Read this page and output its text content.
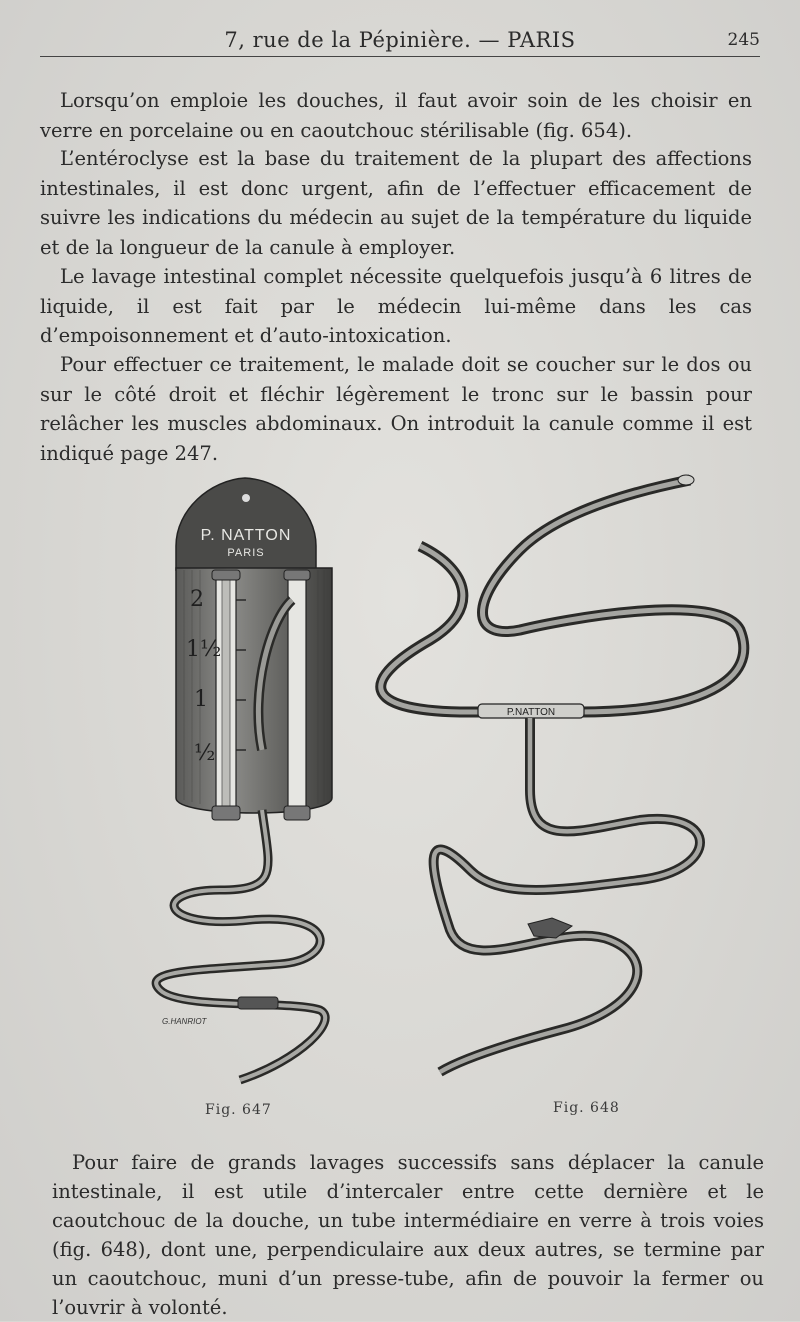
7, rue de la Pépinière. — PARIS	245

Lorsqu’on emploie les douches, il faut avoir soin de les choisir en verre en porcelaine ou en caoutchouc stérilisable (fig. 654).

L’entéroclyse est la base du traitement de la plupart des affections intestinales, il est donc urgent, afin de l’effectuer efficacement de suivre les indications du médecin au sujet de la température du liquide et de la longueur de la canule à employer.

Le lavage intestinal complet nécessite quelquefois jusqu’à 6 litres de liquide, il est fait par le médecin lui-même dans les cas d’empoisonnement et d’auto-intoxication.

Pour effectuer ce traitement, le malade doit se coucher sur le dos ou sur le côté droit et fléchir légèrement le tronc sur le bassin pour relâcher les muscles abdominaux. On introduit la canule comme il est indiqué page 247.

P. NATTON
PARIS
2
1½
1
½
G.HANRIOT
P.NATTON
Fig. 647	Fig. 648

Pour faire de grands lavages successifs sans déplacer la canule intestinale, il est utile d’intercaler entre cette dernière et le caoutchouc de la douche, un tube intermédiaire en verre à trois voies (fig. 648), dont une, perpendiculaire aux deux autres, se termine par un caoutchouc, muni d’un presse-tube, afin de pouvoir la fermer ou l’ouvrir à volonté.
